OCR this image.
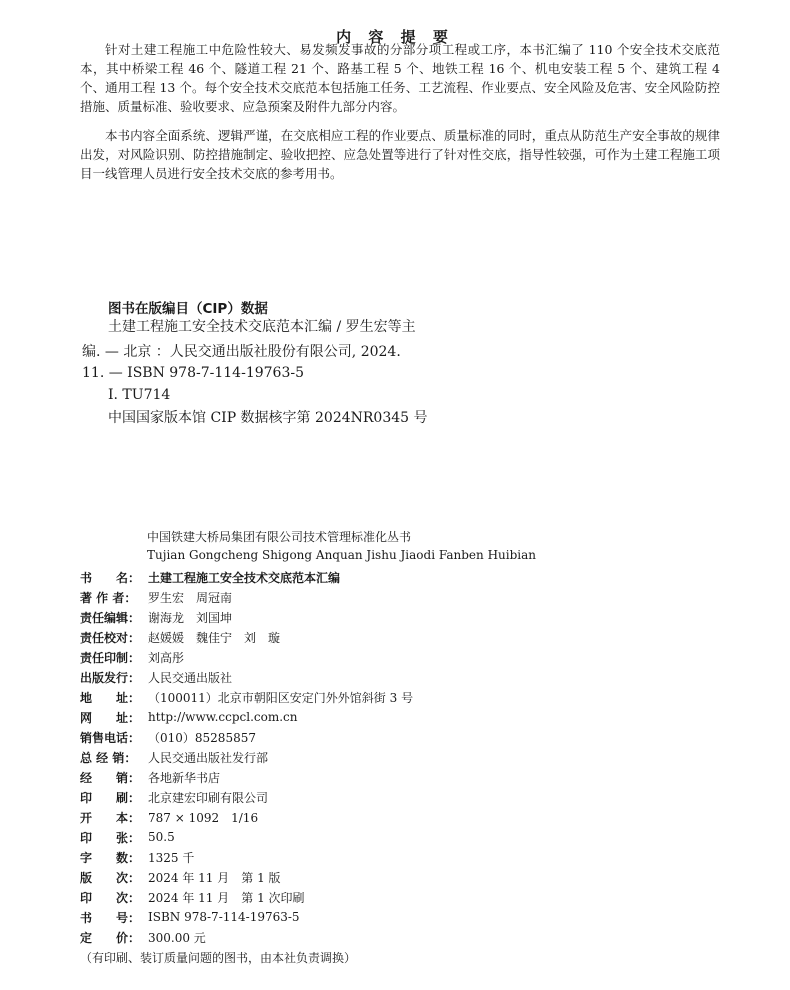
内 容 提 要

针对土建工程施工中危险性较大、易发频发事故的分部分项工程或工序，本书汇编了 110 个安全技术交底范本，其中桥梁工程 46 个、隧道工程 21 个、路基工程 5 个、地铁工程 16 个、机电安装工程 5 个、建筑工程 4 个、通用工程 13 个。每个安全技术交底范本包括施工任务、工艺流程、作业要点、安全风险及危害、安全风险防控措施、质量标准、验收要求、应急预案及附件九部分内容。

本书内容全面系统、逻辑严谨，在交底相应工程的作业要点、质量标准的同时，重点从防范生产安全事故的规律出发，对风险识别、防控措施制定、验收把控、应急处置等进行了针对性交底，指导性较强，可作为土建工程施工项目一线管理人员进行安全技术交底的参考用书。

图书在版编目（CIP）数据
土建工程施工安全技术交底范本汇编 / 罗生宏等主
编. — 北京 ：人民交通出版社股份有限公司, 2024.
11. — ISBN 978-7-114-19763-5
Ⅰ. TU714
中国国家版本馆 CIP 数据核字第 2024NR0345 号
中国铁建大桥局集团有限公司技术管理标准化丛书
Tujian Gongcheng Shigong Anquan Jishu Jiaodi Fanben Huibian
书　　名： 土建工程施工安全技术交底范本汇编
著 作 者： 罗生宏　周冠南
责任编辑： 谢海龙　刘国坤
责任校对： 赵媛媛　魏佳宁　刘　璇
责任印制： 刘高彤
出版发行： 人民交通出版社
地　　址： （100011）北京市朝阳区安定门外外馆斜街 3 号
网　　址： http://www.ccpcl.com.cn
销售电话： （010）85285857
总 经 销： 人民交通出版社发行部
经　　销： 各地新华书店
印　　刷： 北京建宏印刷有限公司
开　　本： 787 × 1092　1/16
印　　张： 50.5
字　　数： 1325 千
版　　次： 2024 年 11 月　第 1 版
印　　次： 2024 年 11 月　第 1 次印刷
书　　号： ISBN 978-7-114-19763-5
定　　价： 300.00 元
（有印刷、装订质量问题的图书，由本社负责调换）
